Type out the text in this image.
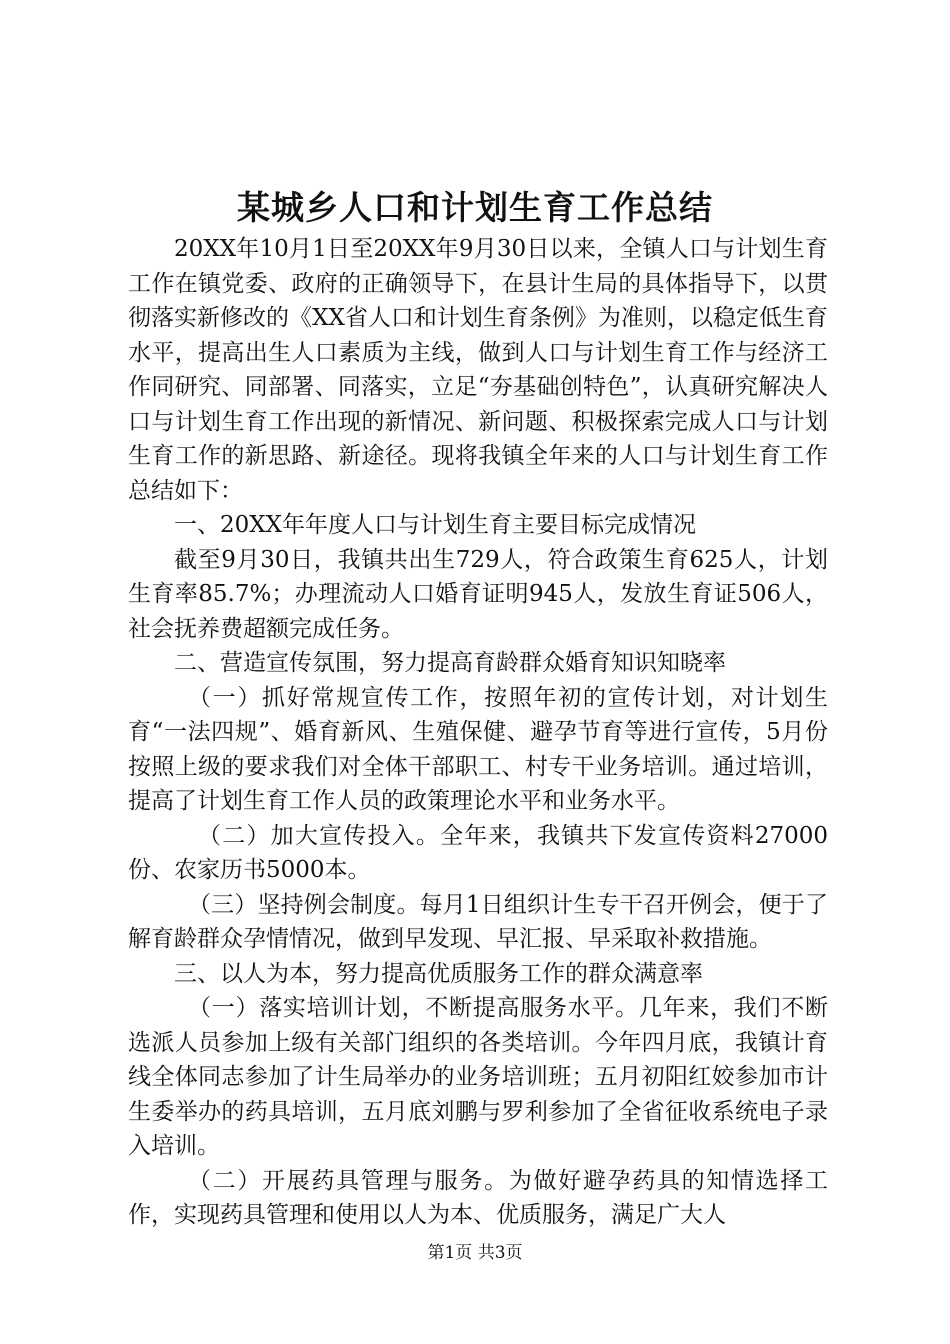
某城乡人口和计划生育工作总结

20XX年10月1日至20XX年9月30日以来，全镇人口与计划生育工作在镇党委、政府的正确领导下，在县计生局的具体指导下，以贯彻落实新修改的《XX省人口和计划生育条例》为准则，以稳定低生育水平，提高出生人口素质为主线，做到人口与计划生育工作与经济工作同研究、同部署、同落实，立足“夯基础创特色”，认真研究解决人口与计划生育工作出现的新情况、新问题、积极探索完成人口与计划生育工作的新思路、新途径。现将我镇全年来的人口与计划生育工作总结如下：

一、20XX年年度人口与计划生育主要目标完成情况

截至9月30日，我镇共出生729人，符合政策生育625人，计划生育率85.7%；办理流动人口婚育证明945人，发放生育证506人，社会抚养费超额完成任务。

二、营造宣传氛围，努力提高育龄群众婚育知识知晓率

（一）抓好常规宣传工作，按照年初的宣传计划，对计划生育“一法四规”、婚育新风、生殖保健、避孕节育等进行宣传，5月份按照上级的要求我们对全体干部职工、村专干业务培训。通过培训，提高了计划生育工作人员的政策理论水平和业务水平。

（二）加大宣传投入。全年来，我镇共下发宣传资料27000份、农家历书5000本。

（三）坚持例会制度。每月1日组织计生专干召开例会，便于了解育龄群众孕情情况，做到早发现、早汇报、早采取补救措施。

三、以人为本，努力提高优质服务工作的群众满意率

（一）落实培训计划，不断提高服务水平。几年来，我们不断选派人员参加上级有关部门组织的各类培训。今年四月底，我镇计育线全体同志参加了计生局举办的业务培训班；五月初阳红姣参加市计生委举办的药具培训，五月底刘鹏与罗利参加了全省征收系统电子录入培训。

（二）开展药具管理与服务。为做好避孕药具的知情选择工作，实现药具管理和使用以人为本、优质服务，满足广大人

第1页 共3页
